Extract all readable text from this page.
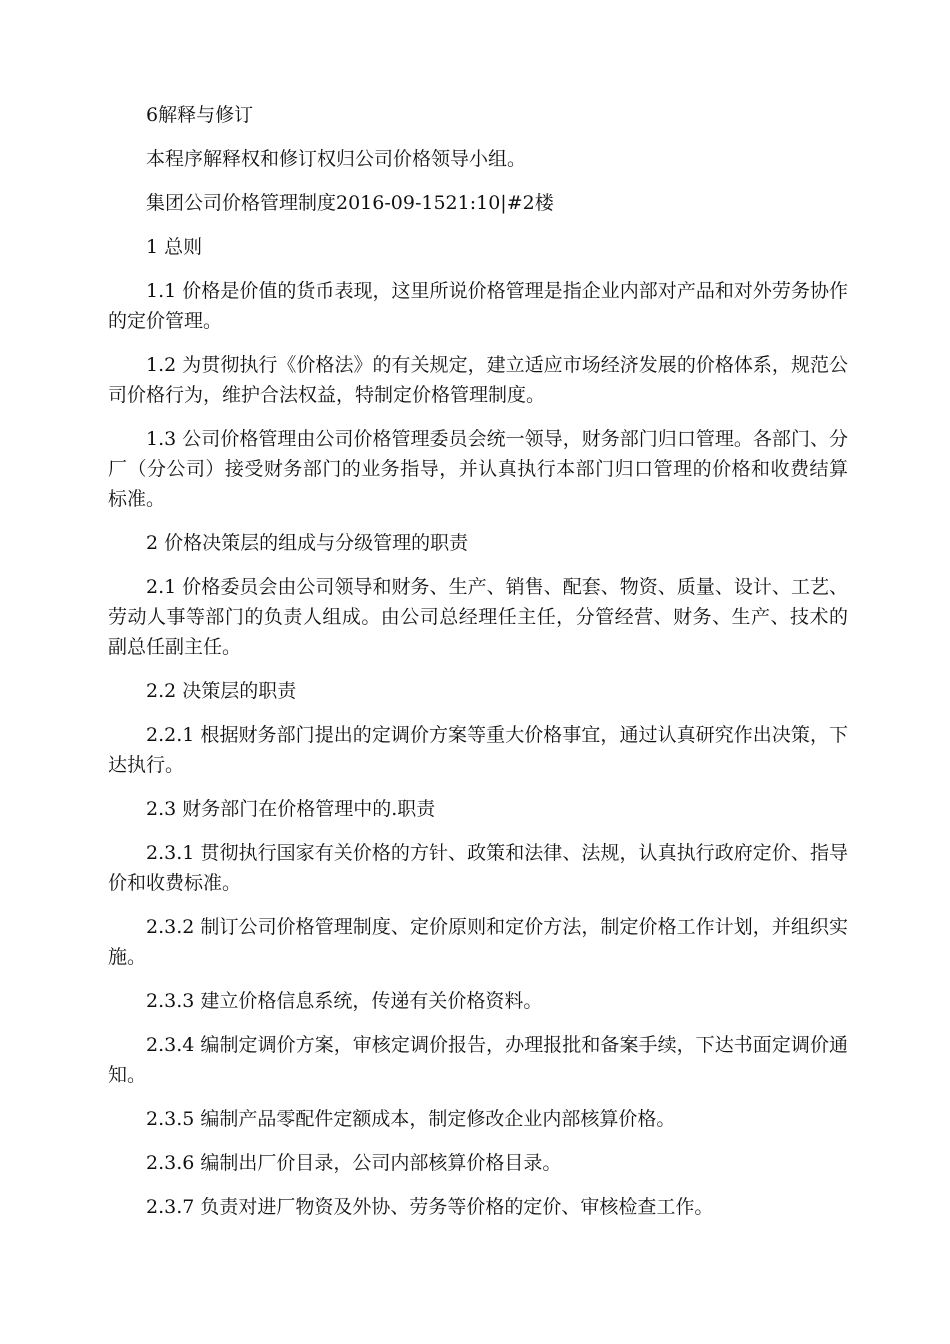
6解释与修订

本程序解释权和修订权归公司价格领导小组。

集团公司价格管理制度2016-09-1521:10|#2楼

1 总则

1.1 价格是价值的货币表现，这里所说价格管理是指企业内部对产品和对外劳务协作的定价管理。

1.2 为贯彻执行《价格法》的有关规定，建立适应市场经济发展的价格体系，规范公司价格行为，维护合法权益，特制定价格管理制度。

1.3 公司价格管理由公司价格管理委员会统一领导，财务部门归口管理。各部门、分厂（分公司）接受财务部门的业务指导，并认真执行本部门归口管理的价格和收费结算标准。

2 价格决策层的组成与分级管理的职责

2.1 价格委员会由公司领导和财务、生产、销售、配套、物资、质量、设计、工艺、劳动人事等部门的负责人组成。由公司总经理任主任，分管经营、财务、生产、技术的副总任副主任。

2.2 决策层的职责

2.2.1 根据财务部门提出的定调价方案等重大价格事宜，通过认真研究作出决策，下达执行。

2.3 财务部门在价格管理中的.职责

2.3.1 贯彻执行国家有关价格的方针、政策和法律、法规，认真执行政府定价、指导价和收费标准。

2.3.2 制订公司价格管理制度、定价原则和定价方法，制定价格工作计划，并组织实施。

2.3.3 建立价格信息系统，传递有关价格资料。

2.3.4 编制定调价方案，审核定调价报告，办理报批和备案手续，下达书面定调价通知。

2.3.5 编制产品零配件定额成本，制定修改企业内部核算价格。

2.3.6 编制出厂价目录，公司内部核算价格目录。

2.3.7 负责对进厂物资及外协、劳务等价格的定价、审核检查工作。
